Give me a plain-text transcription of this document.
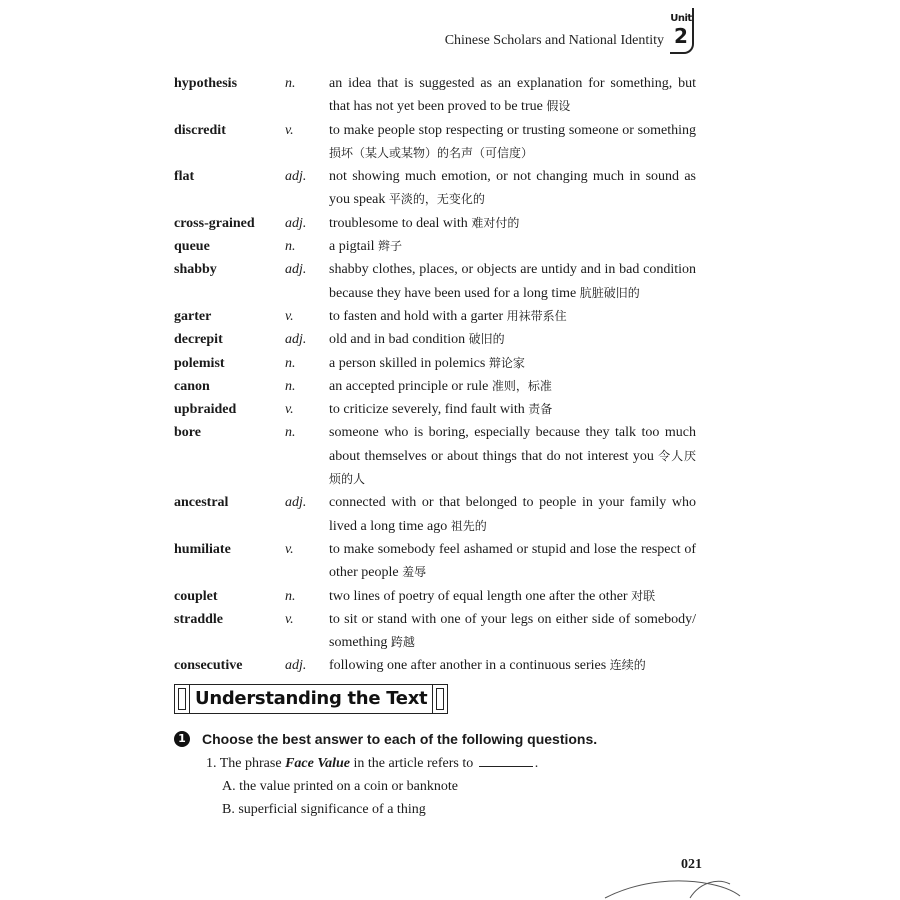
Chinese Scholars and National Identity
Unit
2
hypothesis	n. an idea that is suggested as an explanation for something, but that has not yet been proved to be true 假设
discredit	v.	to make people stop respecting or trusting someone or something 损坏（某人或某物）的名声（可信度）
flat	adj. not showing much emotion, or not changing much in sound as you speak 平淡的，无变化的
cross-grained adj. troublesome to deal with 难对付的
queue	n. a pigtail 辫子
shabby	adj. shabby clothes, places, or objects are untidy and in bad condition because they have been used for a long time 肮脏破旧的
garter	v.	to fasten and hold with a garter 用袜带系住
decrepit	adj. old and in bad condition 破旧的
polemist	n. a person skilled in polemics 辩论家
canon	n. an accepted principle or rule 准则，标准
upbraided	v.	to criticize severely, find fault with 责备
bore	n. someone who is boring, especially because they talk too much about themselves or about things that do not interest you 令人厌烦的人
ancestral	adj. connected with or that belonged to people in your family who lived a long time ago 祖先的
humiliate	v.	to make somebody feel ashamed or stupid and lose the respect of other people 羞辱
couplet	n. two lines of poetry of equal length one after the other 对联
straddle	v.	to sit or stand with one of your legs on either side of somebody/ something 跨越
consecutive	adj. following one after another in a continuous series 连续的
Understanding the Text
1 Choose the best answer to each of the following questions.
1. The phrase Face Value in the article refers to	.
A. the value printed on a coin or banknote
B. superficial significance of a thing
021
